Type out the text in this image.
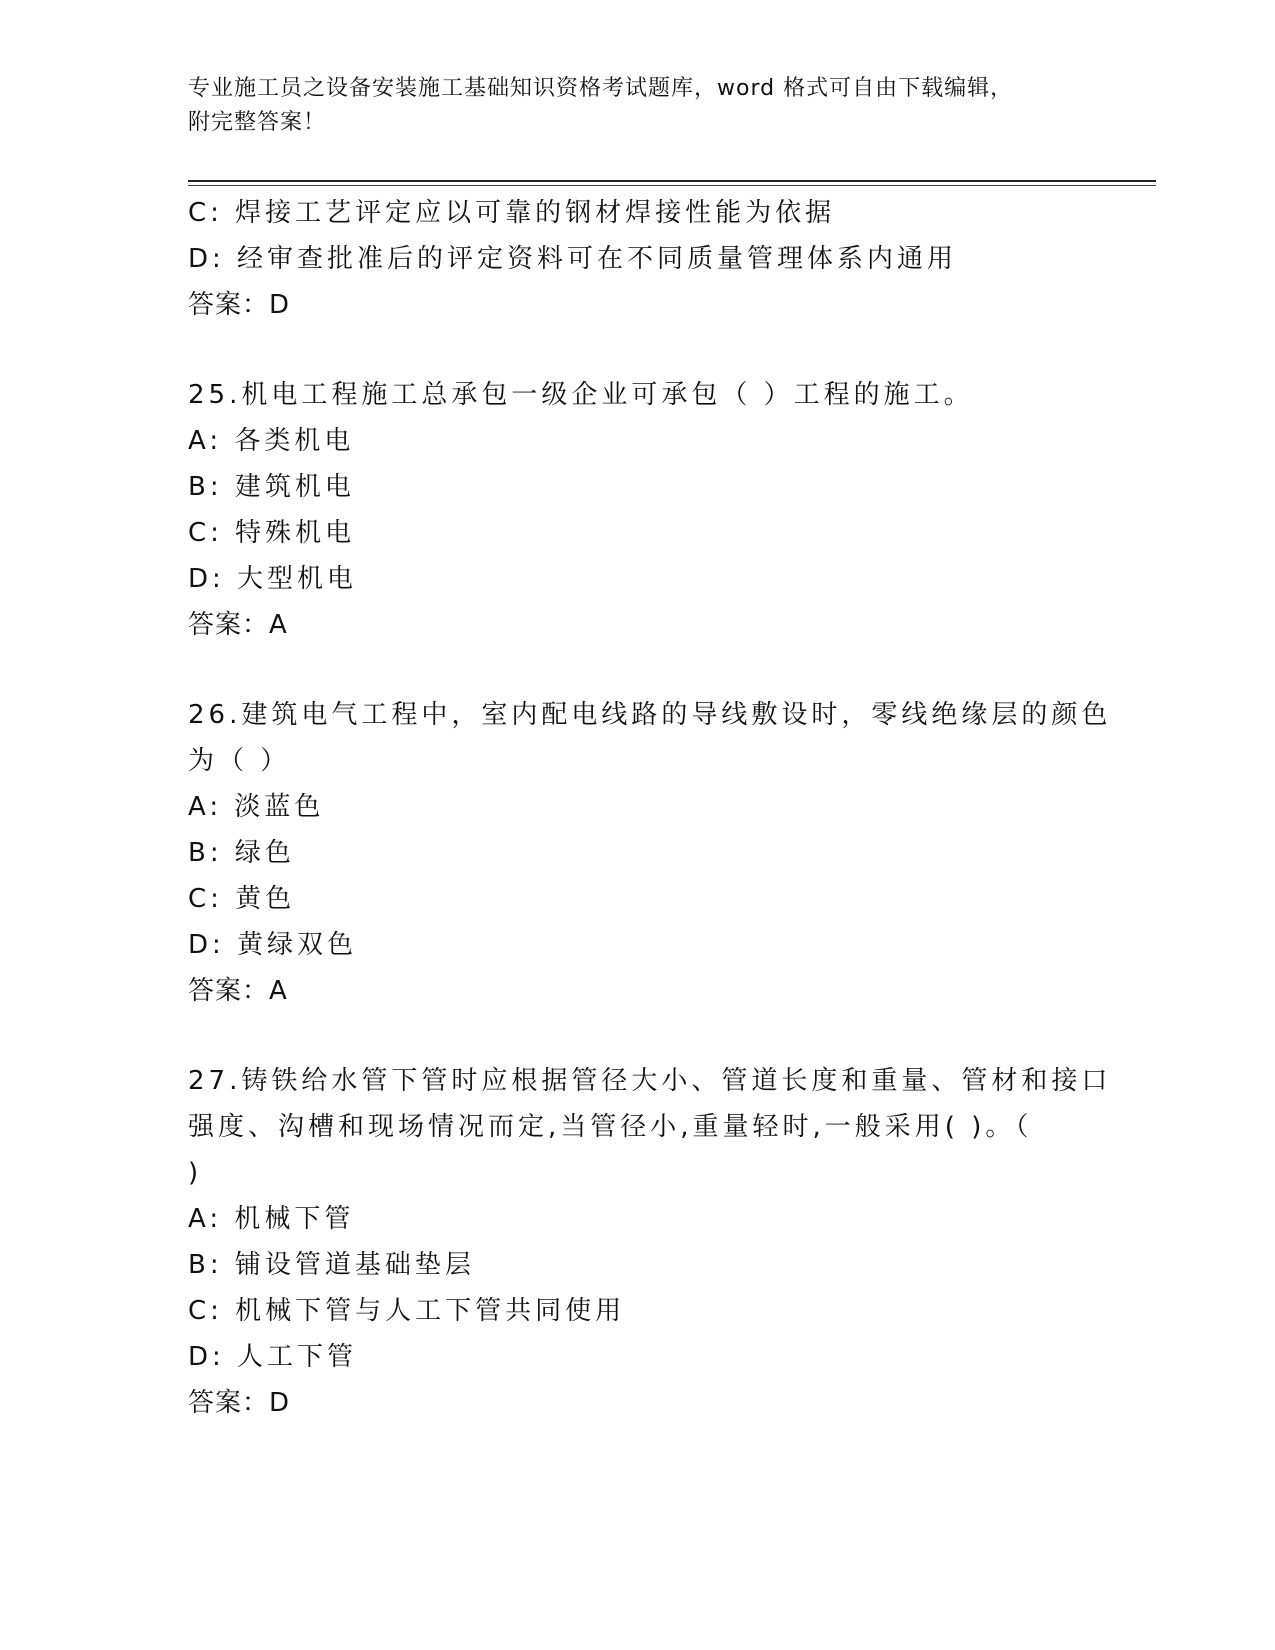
专业施工员之设备安装施工基础知识资格考试题库，word 格式可自由下载编辑，
附完整答案！
C: 焊接工艺评定应以可靠的钢材焊接性能为依据
D: 经审查批准后的评定资料可在不同质量管理体系内通用
答案：D
25.机电工程施工总承包一级企业可承包（ ）工程的施工。
A: 各类机电
B: 建筑机电
C: 特殊机电
D: 大型机电
答案：A
26.建筑电气工程中，室内配电线路的导线敷设时，零线绝缘层的颜色
为（ ）
A: 淡蓝色
B: 绿色
C: 黄色
D: 黄绿双色
答案：A
27.铸铁给水管下管时应根据管径大小、管道长度和重量、管材和接口
强度、沟槽和现场情况而定,当管径小,重量轻时,一般采用( )。（
)
A: 机械下管
B: 铺设管道基础垫层
C: 机械下管与人工下管共同使用
D: 人工下管
答案：D
